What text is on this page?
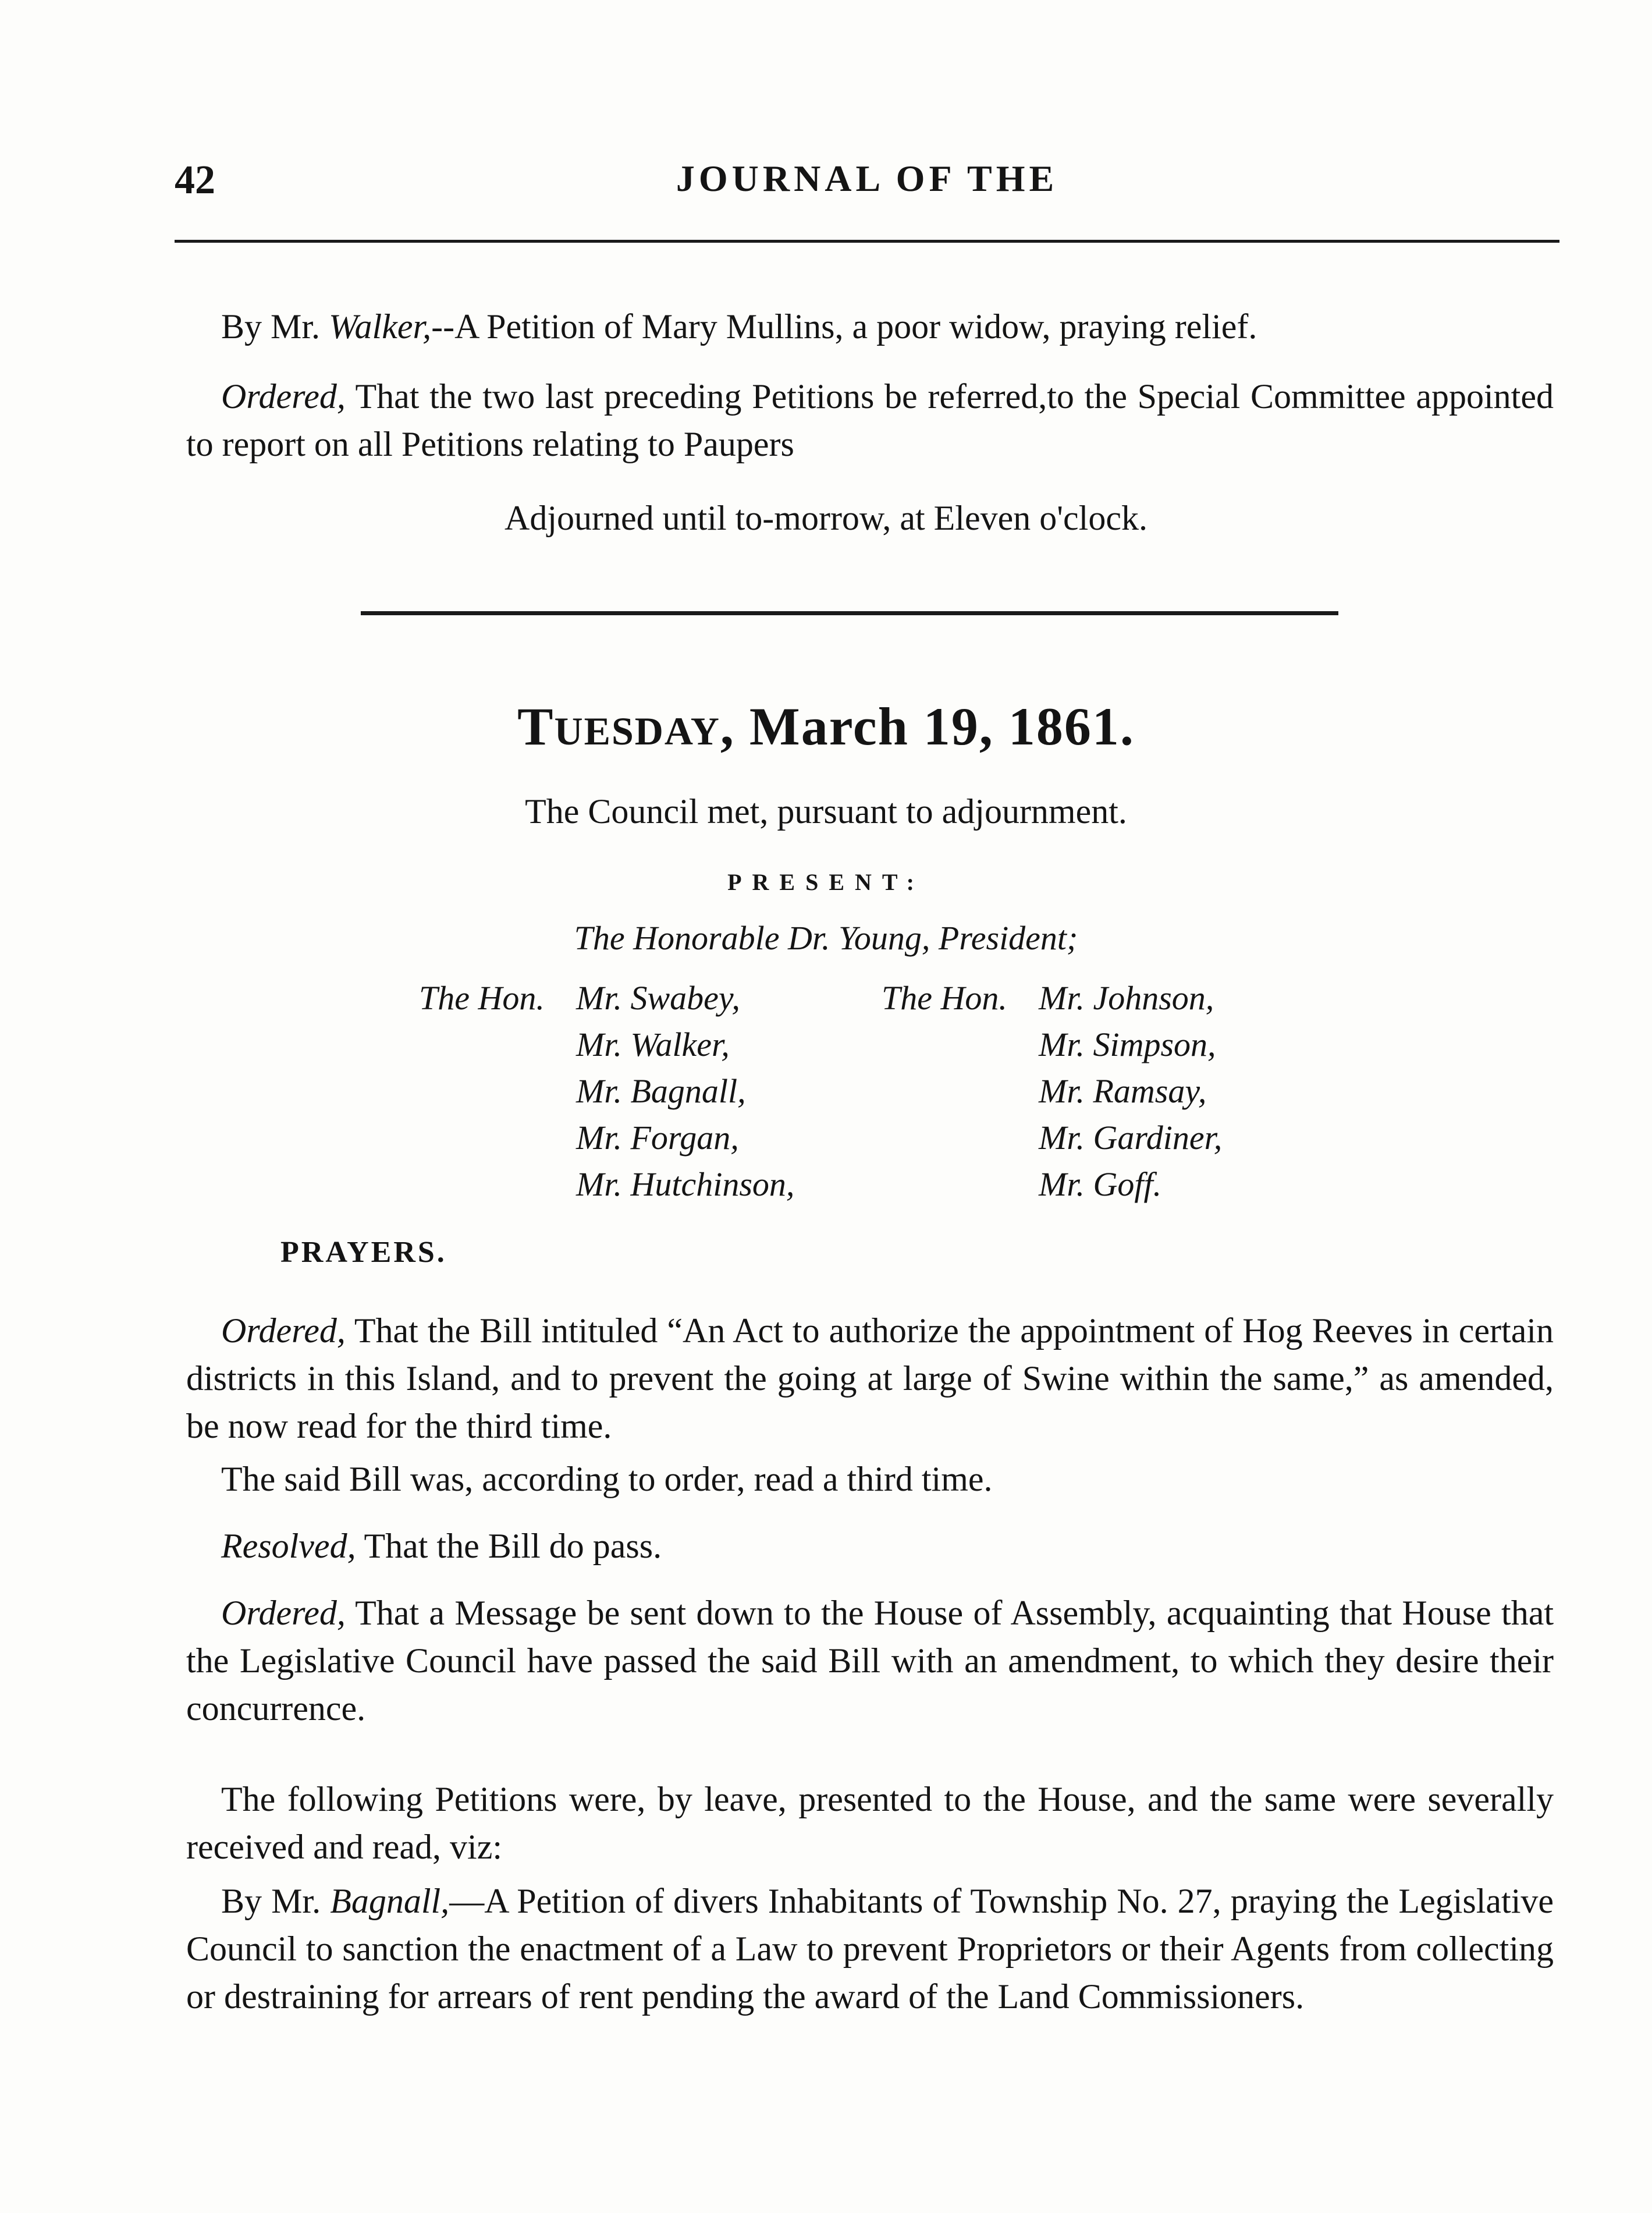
42	JOURNAL OF THE

By Mr. Walker,--A Petition of Mary Mullins, a poor widow, praying relief.

Ordered, That the two last preceding Petitions be referred,to the Special Committee appointed to report on all Petitions relating to Paupers

Adjourned until to-morrow, at Eleven o'clock.

TUESDAY, March 19, 1861.

The Council met, pursuant to adjournment.

PRESENT:

The Honorable Dr. Young, President;

The Hon. Mr. Swabey,
Mr. Walker,
Mr. Bagnall,
Mr. Forgan,
Mr. Hutchinson,
The Hon. Mr. Johnson,
Mr. Simpson,
Mr. Ramsay,
Mr. Gardiner,
Mr. Goff.

PRAYERS.

Ordered, That the Bill intituled “An Act to authorize the appointment of Hog Reeves in certain districts in this Island, and to prevent the going at large of Swine within the same,” as amended, be now read for the third time.

The said Bill was, according to order, read a third time.

Resolved, That the Bill do pass.

Ordered, That a Message be sent down to the House of Assembly, acquainting that House that the Legislative Council have passed the said Bill with an amendment, to which they desire their concurrence.

The following Petitions were, by leave, presented to the House, and the same were severally received and read, viz:

By Mr. Bagnall,—A Petition of divers Inhabitants of Township No. 27, praying the Legislative Council to sanction the enactment of a Law to prevent Proprietors or their Agents from collecting or destraining for arrears of rent pending the award of the Land Commissioners.
